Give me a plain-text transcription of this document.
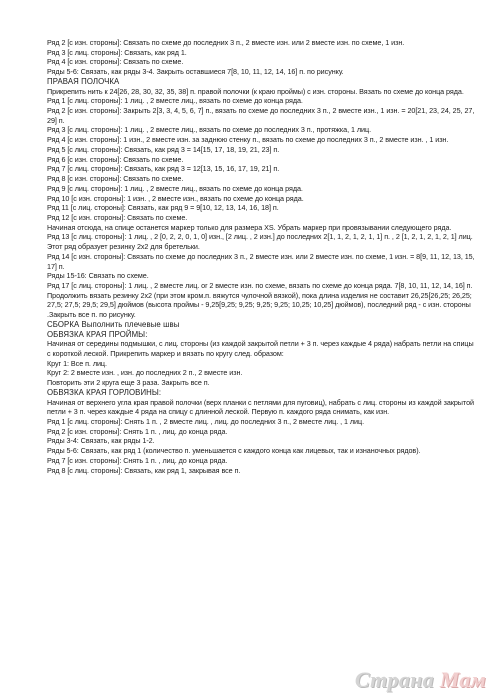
Ряд 2 [с изн. стороны]: Связать по схеме до последних 3 п., 2 вместе изн. или 2 вместе изн. по схеме, 1 изн.

Ряд 3 [с лиц. стороны]: Связать, как ряд 1.

Ряд 4 [с изн. стороны]: Связать по схеме.

Ряды 5-6: Связать, как ряды 3-4. Закрыть оставшиеся 7[8, 10, 11, 12, 14, 16] п. по рисунку.

ПРАВАЯ ПОЛОЧКА

Прикрепить нить к 24[26, 28, 30, 32, 35, 38] п. правой полочки (к краю проймы) с изн. стороны. Вязать по схеме до конца ряда.

Ряд 1 [с лиц. стороны]: 1 лиц. , 2 вместе лиц., вязать по схеме до конца ряда.

Ряд 2 [с изн. стороны]: Закрыть 2[3, 3, 4, 5, 6, 7] п., вязать по схеме до последних 3 п., 2 вместе изн., 1 изн. = 20[21, 23, 24, 25, 27, 29] п.

Ряд 3 [с лиц. стороны]: 1 лиц. , 2 вместе лиц., вязать по схеме до последних 3 п., протяжка, 1 лиц.

Ряд 4 [с изн. стороны]: 1 изн., 2 вместе изн. за заднюю стенку п., вязать по схеме до последних 3 п., 2 вместе изн. , 1 изн.

Ряд 5 [с лиц. стороны]: Связать, как ряд 3 = 14[15, 17, 18, 19, 21, 23] п.

Ряд 6 [с изн. стороны]: Связать по схеме.

Ряд 7 [с лиц. стороны]: Связать, как ряд 3 = 12[13, 15, 16, 17, 19, 21] п.

Ряд 8 [с изн. стороны]: Связать по схеме.

Ряд 9 [с лиц. стороны]: 1 лиц. , 2 вместе лиц., вязать по схеме до конца ряда.

Ряд 10 [с изн. стороны]: 1 изн. , 2 вместе изн., вязать по схеме до конца ряда.

Ряд 11 [с лиц. стороны]: Связать, как ряд 9 = 9[10, 12, 13, 14, 16, 18] п.

Ряд 12 [с изн. стороны]: Связать по схеме.

Начиная отсюда, на спице останется маркер только для размера XS. Убрать маркер при провязывании следующего ряда.

Ряд 13 [с лиц. стороны]: 1 лиц. , 2 [0, 2, 2, 0, 1, 0] изн., [2 лиц. , 2 изн.] до последних 2[1, 1, 2, 1, 2, 1, 1] п. , 2 [1, 2, 1, 2, 1, 2, 1] лиц. Этот ряд образует резинку 2х2 для бретельки.

Ряд 14 [с изн. стороны]: Связать по схеме до последних 3 п., 2 вместе изн. или 2 вместе изн. по схеме, 1 изн. = 8[9, 11, 12, 13, 15, 17] п.

Ряды 15-16: Связать по схеме.

Ряд 17 [с лиц. стороны]: 1 лиц. , 2 вместе лиц. or 2 вместе изн. по схеме, вязать по схеме до конца ряда. 7[8, 10, 11, 12, 14, 16] п.

Продолжить вязать резинку 2х2 (при этом кром.п. вяжутся чулочной вязкой), пока длина изделия не составит 26,25[26,25; 26,25; 27,5; 27,5; 29,5; 29,5] дюймов (высота проймы - 9,25[9,25; 9,25; 9,25; 9,25; 10,25; 10,25] дюймов), последний ряд - с изн. стороны .Закрыть все п. по рисунку.

СБОРКА Выполнить плечевые швы

ОБВЯЗКА КРАЯ ПРОЙМЫ:

Начиная от середины подмышки, с лиц. стороны (из каждой закрытой петли + 3 п. через каждые 4 ряда) набрать петли на спицы с короткой леской. Прикрепить маркер и вязать по кругу след. образом:

Круг 1: Все п. лиц.

Круг 2: 2 вместе изн. , изн. до последних 2 п., 2 вместе изн.

Повторить эти 2 круга еще 3 раза. Закрыть все п.

ОБВЯЗКА КРАЯ ГОРЛОВИНЫ:

Начиная от верхнего угла края правой полочки (верх планки с петлями для пуговиц), набрать с лиц. стороны из каждой закрытой петли + 3 п. через каждые 4 ряда на спицу с длинной леской. Первую п. каждого ряда снимать, как изн.

Ряд 1 [с лиц. стороны]: Снять 1 п. , 2 вместе лиц. , лиц. до последних 3 п., 2 вместе лиц. , 1 лиц.

Ряд 2 [с изн. стороны]: Снять 1 п. , лиц. до конца ряда.

Ряды 3-4: Связать, как ряды 1-2.

Ряды 5-6: Связать, как ряд 1 (количество п. уменьшается с каждого конца как лицевых, так и изнаночных рядов).

Ряд 7 [с изн. стороны]: Снять 1 п. , лиц. до конца ряда.

Ряд 8 [с лиц. стороны]: Связать, как ряд 1, закрывая все п.

Страна Мам
